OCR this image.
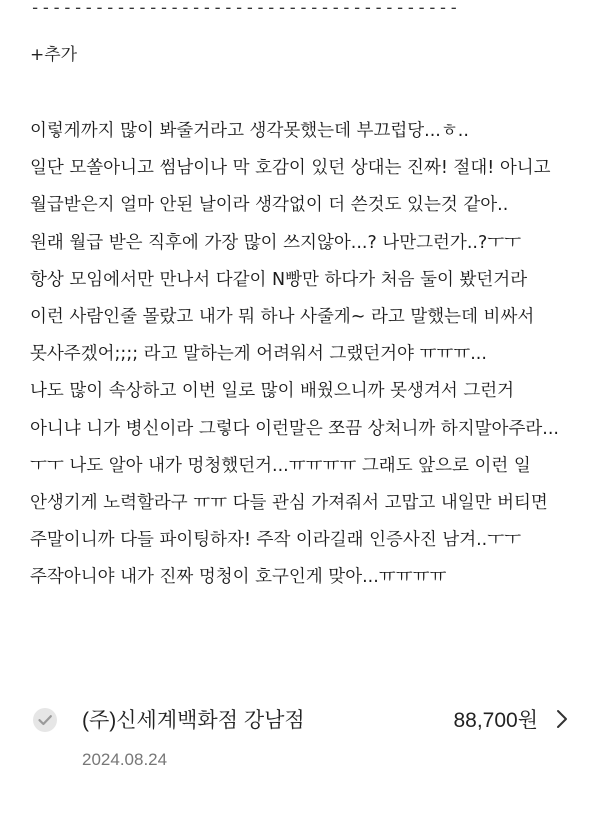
----------------------------------------
+추가
이렇게까지 많이 봐줄거라고 생각못했는데 부끄럽당...ㅎ..
일단 모쏠아니고 썸남이나 막 호감이 있던 상대는 진짜! 절대! 아니고
월급받은지 얼마 안된 날이라 생각없이 더 쓴것도 있는것 같아..
원래 월급 받은 직후에 가장 많이 쓰지않아...? 나만그런가..?ㅜㅜ
항상 모임에서만 만나서 다같이 N빵만 하다가 처음 둘이 봤던거라
이런 사람인줄 몰랐고 내가 뭐 하나 사줄게~ 라고 말했는데 비싸서
못사주겠어;;;; 라고 말하는게 어려워서 그랬던거야 ㅠㅠㅠ...
나도 많이 속상하고 이번 일로 많이 배웠으니까 못생겨서 그런거
아니냐 니가 병신이라 그렇다 이런말은 쪼끔 상처니까 하지말아주라...
ㅜㅜ 나도 알아 내가 멍청했던거...ㅠㅠㅠㅠ 그래도 앞으로 이런 일
안생기게 노력할라구 ㅠㅠ 다들 관심 가져줘서 고맙고 내일만 버티면
주말이니까 다들 파이팅하자! 주작 이라길래 인증사진 남겨..ㅜㅜ
주작아니야 내가 진짜 멍청이 호구인게 맞아...ㅠㅠㅠㅠ
(주)신세계백화점 강남점	88,700원
2024.08.24
